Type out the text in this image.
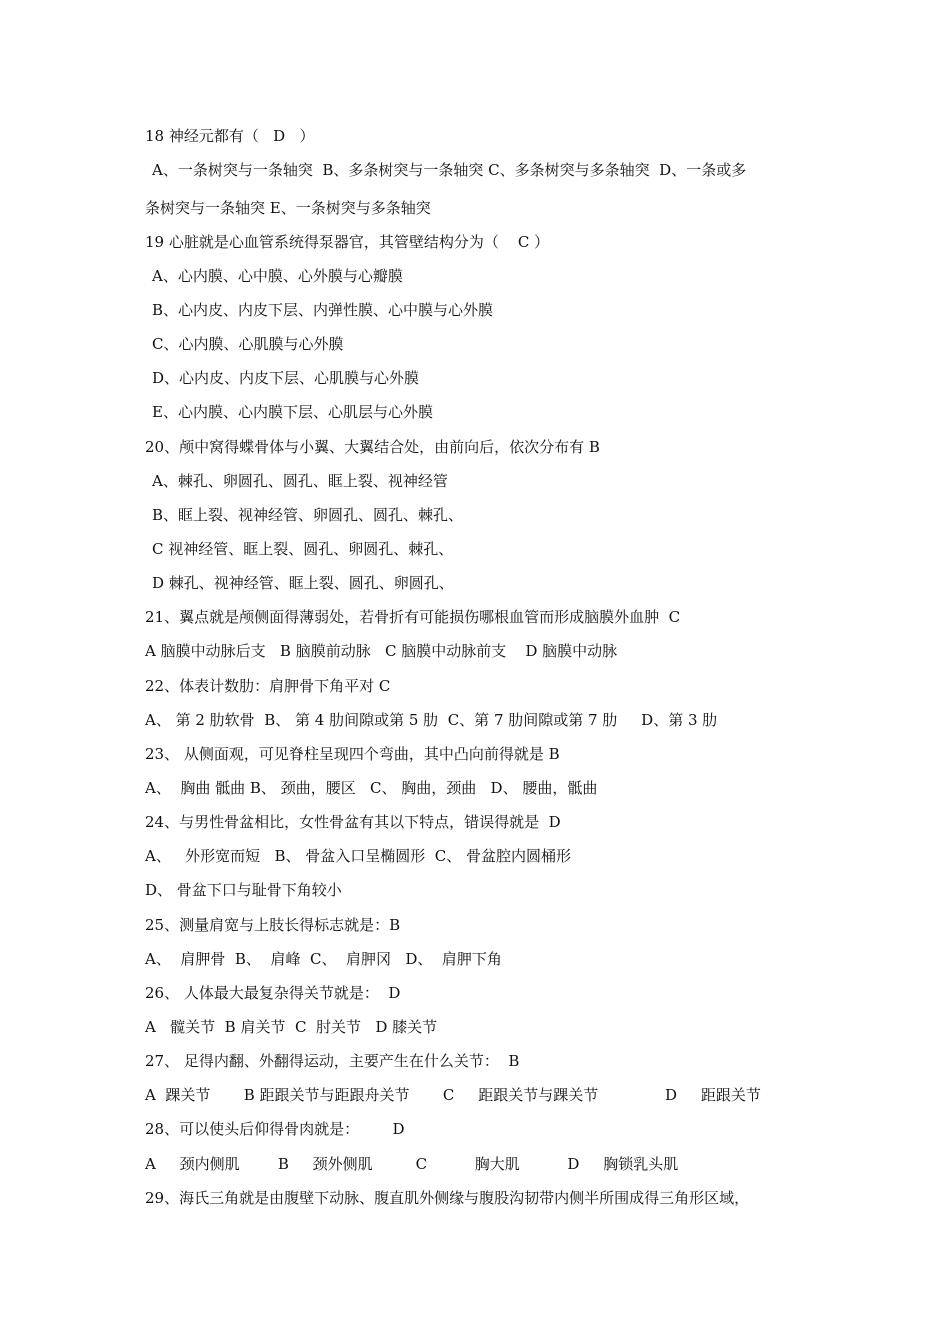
18 神经元都有（   D   ）
A、一条树突与一条轴突  B、多条树突与一条轴突 C、多条树突与多条轴突  D、一条或多
条树突与一条轴突 E、一条树突与多条轴突
19 心脏就是心血管系统得泵器官，其管壁结构分为（    C ）
A、心内膜、心中膜、心外膜与心瓣膜
B、心内皮、内皮下层、内弹性膜、心中膜与心外膜
C、心内膜、心肌膜与心外膜
D、心内皮、内皮下层、心肌膜与心外膜
E、心内膜、心内膜下层、心肌层与心外膜
20、颅中窝得蝶骨体与小翼、大翼结合处，由前向后，依次分布有 B
A、棘孔、卵圆孔、圆孔、眶上裂、视神经管
B、眶上裂、视神经管、卵圆孔、圆孔、棘孔、
C 视神经管、眶上裂、圆孔、卵圆孔、棘孔、
D 棘孔、视神经管、眶上裂、圆孔、卵圆孔、
21、翼点就是颅侧面得薄弱处，若骨折有可能损伤哪根血管而形成脑膜外血肿  C
A 脑膜中动脉后支   B 脑膜前动脉   C 脑膜中动脉前支    D 脑膜中动脉
22、体表计数肋：肩胛骨下角平对 C
A、 第 2 肋软骨  B、 第 4 肋间隙或第 5 肋  C、第 7 肋间隙或第 7 肋     D、第 3 肋
23、 从侧面观，可见脊柱呈现四个弯曲，其中凸向前得就是 B
A、  胸曲 骶曲 B、 颈曲，腰区   C、 胸曲，颈曲   D、 腰曲，骶曲
24、与男性骨盆相比，女性骨盆有其以下特点，错误得就是  D
A、   外形宽而短   B、 骨盆入口呈椭圆形  C、 骨盆腔内圆桶形
D、 骨盆下口与耻骨下角较小
25、测量肩宽与上肢长得标志就是：B
A、  肩胛骨  B、  肩峰  C、  肩胛冈   D、  肩胛下角
26、 人体最大最复杂得关节就是：  D
A   髋关节  B 肩关节  C  肘关节   D 膝关节
27、 足得内翻、外翻得运动，主要产生在什么关节：  B
A  踝关节       B 距跟关节与距跟舟关节       C     距跟关节与踝关节              D     距跟关节
28、可以使头后仰得骨肉就是：       D
A     颈内侧肌        B     颈外侧肌         C          胸大肌          D     胸锁乳头肌
29、海氏三角就是由腹壁下动脉、腹直肌外侧缘与腹股沟韧带内侧半所围成得三角形区域，
